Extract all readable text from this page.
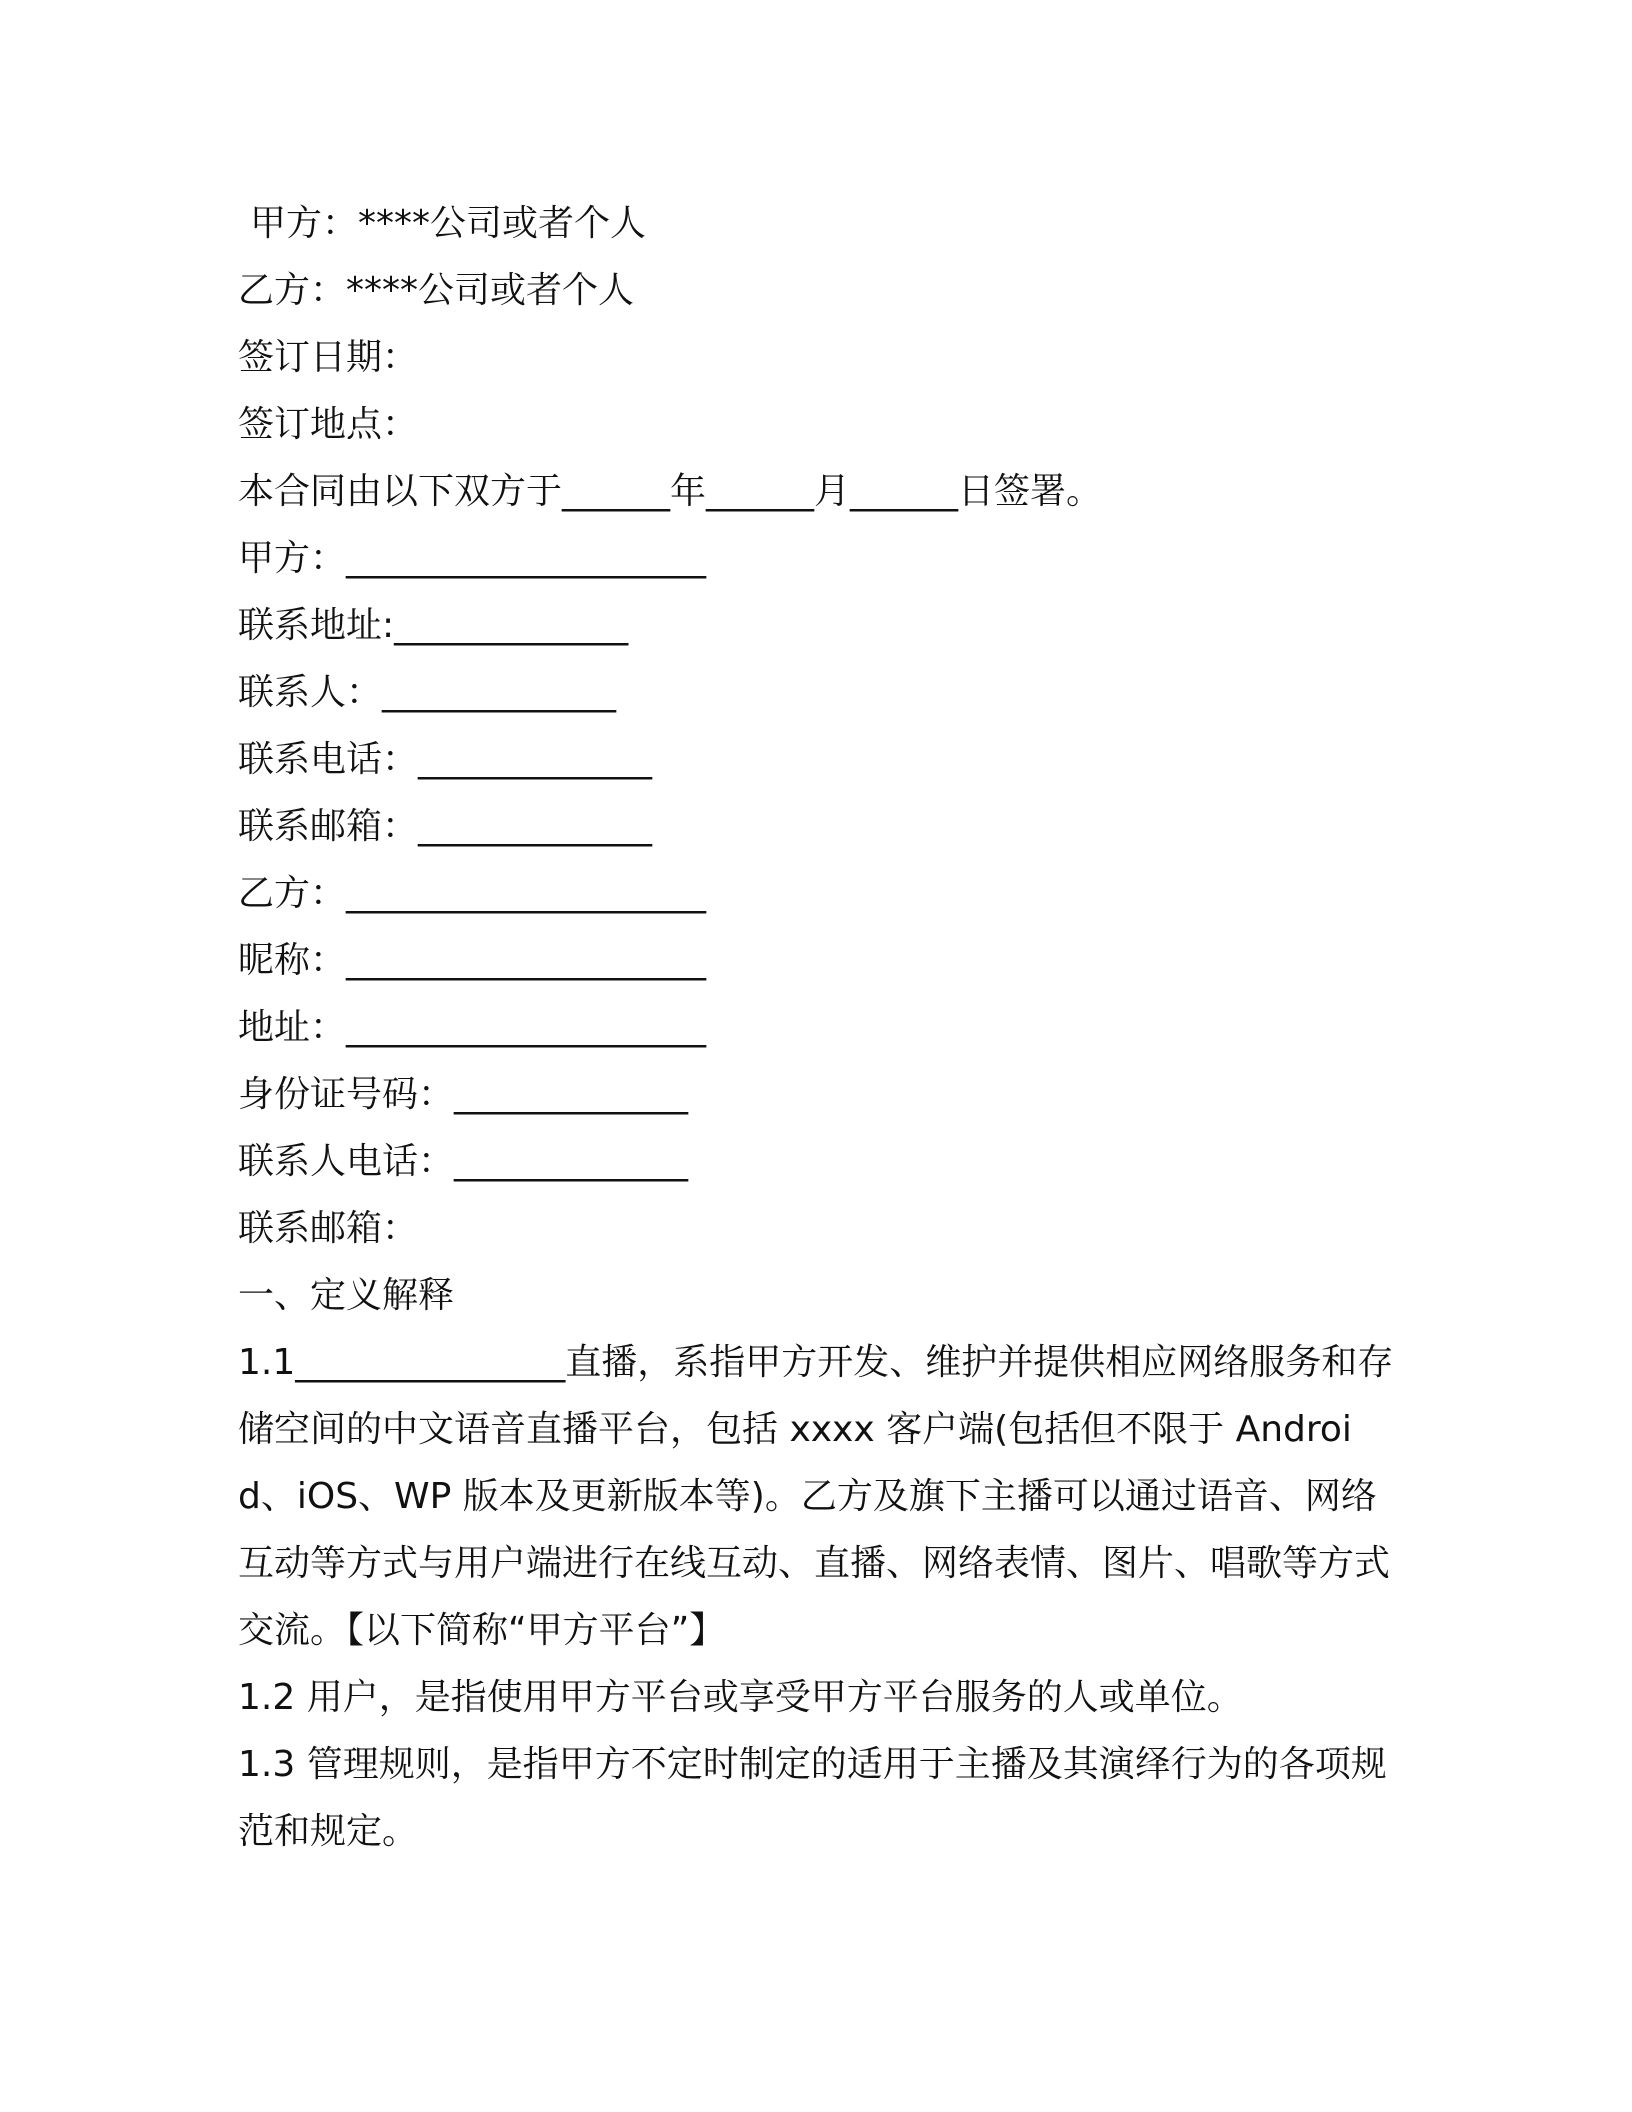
甲方：****公司或者个人
乙方：****公司或者个人
签订日期：
签订地点：
本合同由以下双方于______年______月______日签署。
甲方：____________________
联系地址:_____________
联系人：_____________
联系电话：_____________
联系邮箱：_____________
乙方：____________________
昵称：____________________
地址：____________________
身份证号码：_____________
联系人电话：_____________
联系邮箱：
一、定义解释
1.1_______________直播，系指甲方开发、维护并提供相应网络服务和存储空间的中文语音直播平台，包括 xxxx 客户端(包括但不限于 Android、iOS、WP 版本及更新版本等)。乙方及旗下主播可以通过语音、网络互动等方式与用户端进行在线互动、直播、网络表情、图片、唱歌等方式交流。【以下简称“甲方平台”】
1.2 用户，是指使用甲方平台或享受甲方平台服务的人或单位。
1.3 管理规则，是指甲方不定时制定的适用于主播及其演绎行为的各项规范和规定。
